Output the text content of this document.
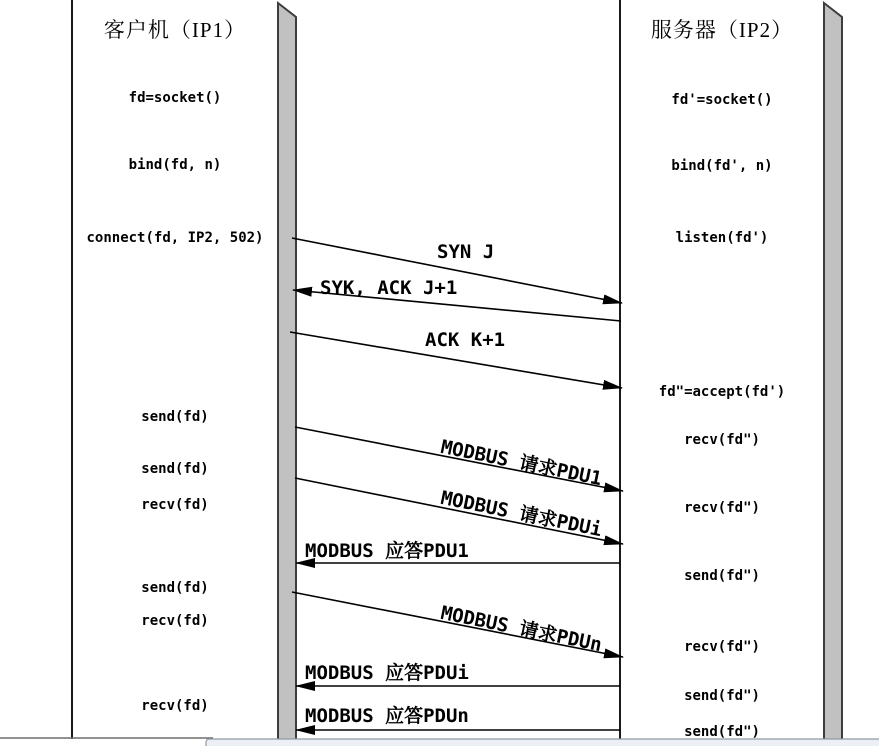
客户机（IP1）	服务器（IP2）
fd=socket()
bind(fd, n)
connect(fd, IP2, 502)
send(fd)
send(fd)
recv(fd)
send(fd)
recv(fd)
recv(fd)
fd'=socket()
bind(fd', n)
listen(fd')
fd"=accept(fd')
recv(fd")
recv(fd")
send(fd")
recv(fd")
send(fd")
send(fd")
SYN J
SYK, ACK J+1
ACK K+1
MODBUS 请求PDU1
MODBUS 请求PDUi
MODBUS 应答PDU1
MODBUS 请求PDUn
MODBUS 应答PDUi
MODBUS 应答PDUn
